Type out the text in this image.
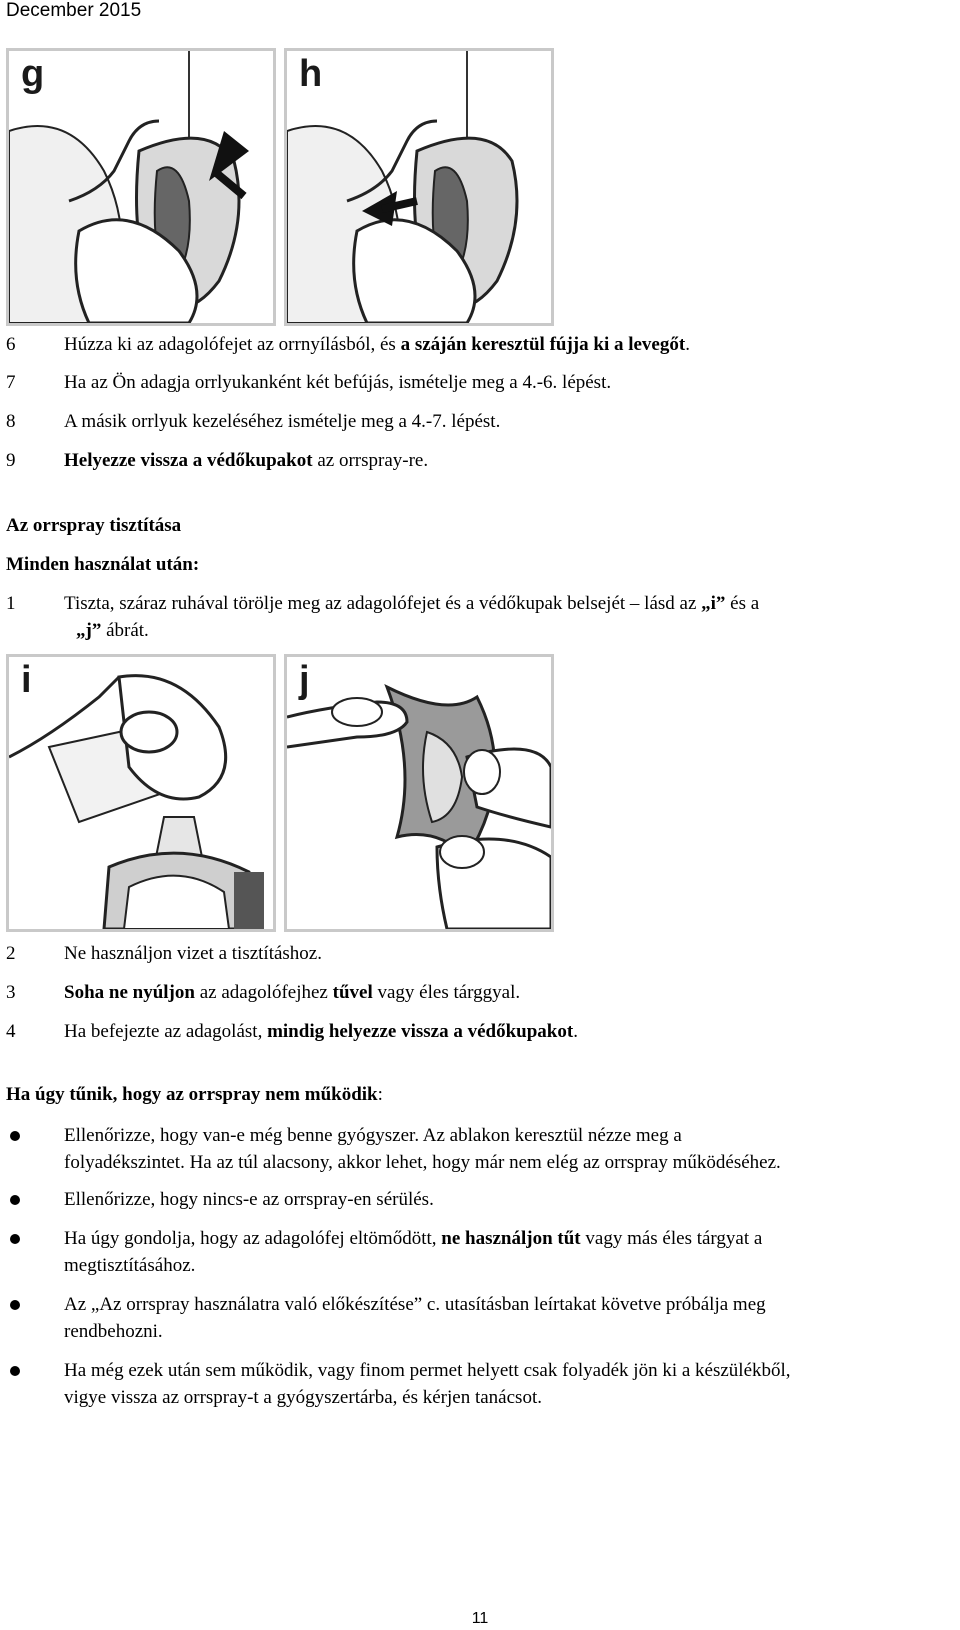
December 2015
g	h
6	Húzza ki az adagolófejet az orrnyílásból, és a száján keresztül fújja ki a levegőt.
7	Ha az Ön adagja orrlyukanként két befújás, ismételje meg a 4.-6. lépést.
8	A másik orrlyuk kezeléséhez ismételje meg a 4.-7. lépést.
9	Helyezze vissza a védőkupakot az orrspray-re.
Az orrspray tisztítása
Minden használat után:
1	Tiszta, száraz ruhával törölje meg az adagolófejet és a védőkupak belsejét – lásd az „i” és a
„j” ábrát.
i	j
2	Ne használjon vizet a tisztításhoz.
3	Soha ne nyúljon az adagolófejhez tűvel vagy éles tárggyal.
4	Ha befejezte az adagolást, mindig helyezze vissza a védőkupakot.
Ha úgy tűnik, hogy az orrspray nem működik:
Ellenőrizze, hogy van-e még benne gyógyszer. Az ablakon keresztül nézze meg a
folyadékszintet. Ha az túl alacsony, akkor lehet, hogy már nem elég az orrspray működéséhez.
Ellenőrizze, hogy nincs-e az orrspray-en sérülés.
Ha úgy gondolja, hogy az adagolófej eltömődött, ne használjon tűt vagy más éles tárgyat a
megtisztításához.
Az „Az orrspray használatra való előkészítése” c. utasításban leírtakat követve próbálja meg
rendbehozni.
Ha még ezek után sem működik, vagy finom permet helyett csak folyadék jön ki a készülékből,
vigye vissza az orrspray-t a gyógyszertárba, és kérjen tanácsot.
11
